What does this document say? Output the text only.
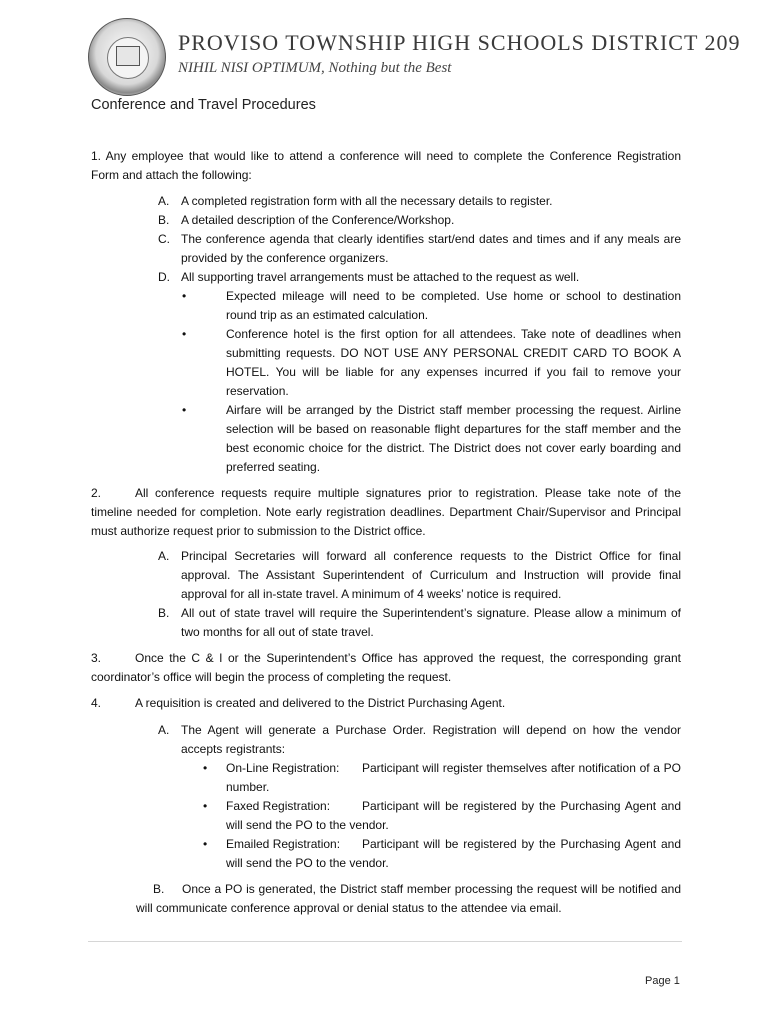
PROVISO TOWNSHIP HIGH SCHOOLS DISTRICT 209
NIHIL NISI OPTIMUM, Nothing but the Best
Conference and Travel Procedures
1. Any employee that would like to attend a conference will need to complete the Conference Registration Form and attach the following:
A. A completed registration form with all the necessary details to register.
B. A detailed description of the Conference/Workshop.
C. The conference agenda that clearly identifies start/end dates and times and if any meals are provided by the conference organizers.
D. All supporting travel arrangements must be attached to the request as well.
•	Expected mileage will need to be completed. Use home or school to destination round trip as an estimated calculation.
•	Conference hotel is the first option for all attendees. Take note of deadlines when submitting requests. DO NOT USE ANY PERSONAL CREDIT CARD TO BOOK A HOTEL. You will be liable for any expenses incurred if you fail to remove your reservation.
•	Airfare will be arranged by the District staff member processing the request. Airline selection will be based on reasonable flight departures for the staff member and the best economic choice for the district. The District does not cover early boarding and preferred seating.
2.	All conference requests require multiple signatures prior to registration. Please take note of the timeline needed for completion. Note early registration deadlines. Department Chair/Supervisor and Principal must authorize request prior to submission to the District office.
A. Principal Secretaries will forward all conference requests to the District Office for final approval. The Assistant Superintendent of Curriculum and Instruction will provide final approval for all in-state travel. A minimum of 4 weeks’ notice is required.
B. All out of state travel will require the Superintendent’s signature. Please allow a minimum of two months for all out of state travel.
3.	Once the C & I or the Superintendent’s Office has approved the request, the corresponding grant coordinator’s office will begin the process of completing the request.
4.	A requisition is created and delivered to the District Purchasing Agent.
A. The Agent will generate a Purchase Order. Registration will depend on how the vendor accepts registrants:
• On-Line Registration: Participant will register themselves after notification of a PO number.
• Faxed Registration:	Participant will be registered by the Purchasing Agent and will send the PO to the vendor.
• Emailed Registration: Participant will be registered by the Purchasing Agent and will send the PO to the vendor.
B. Once a PO is generated, the District staff member processing the request will be notified and will communicate conference approval or denial status to the attendee via email.
Page 1
